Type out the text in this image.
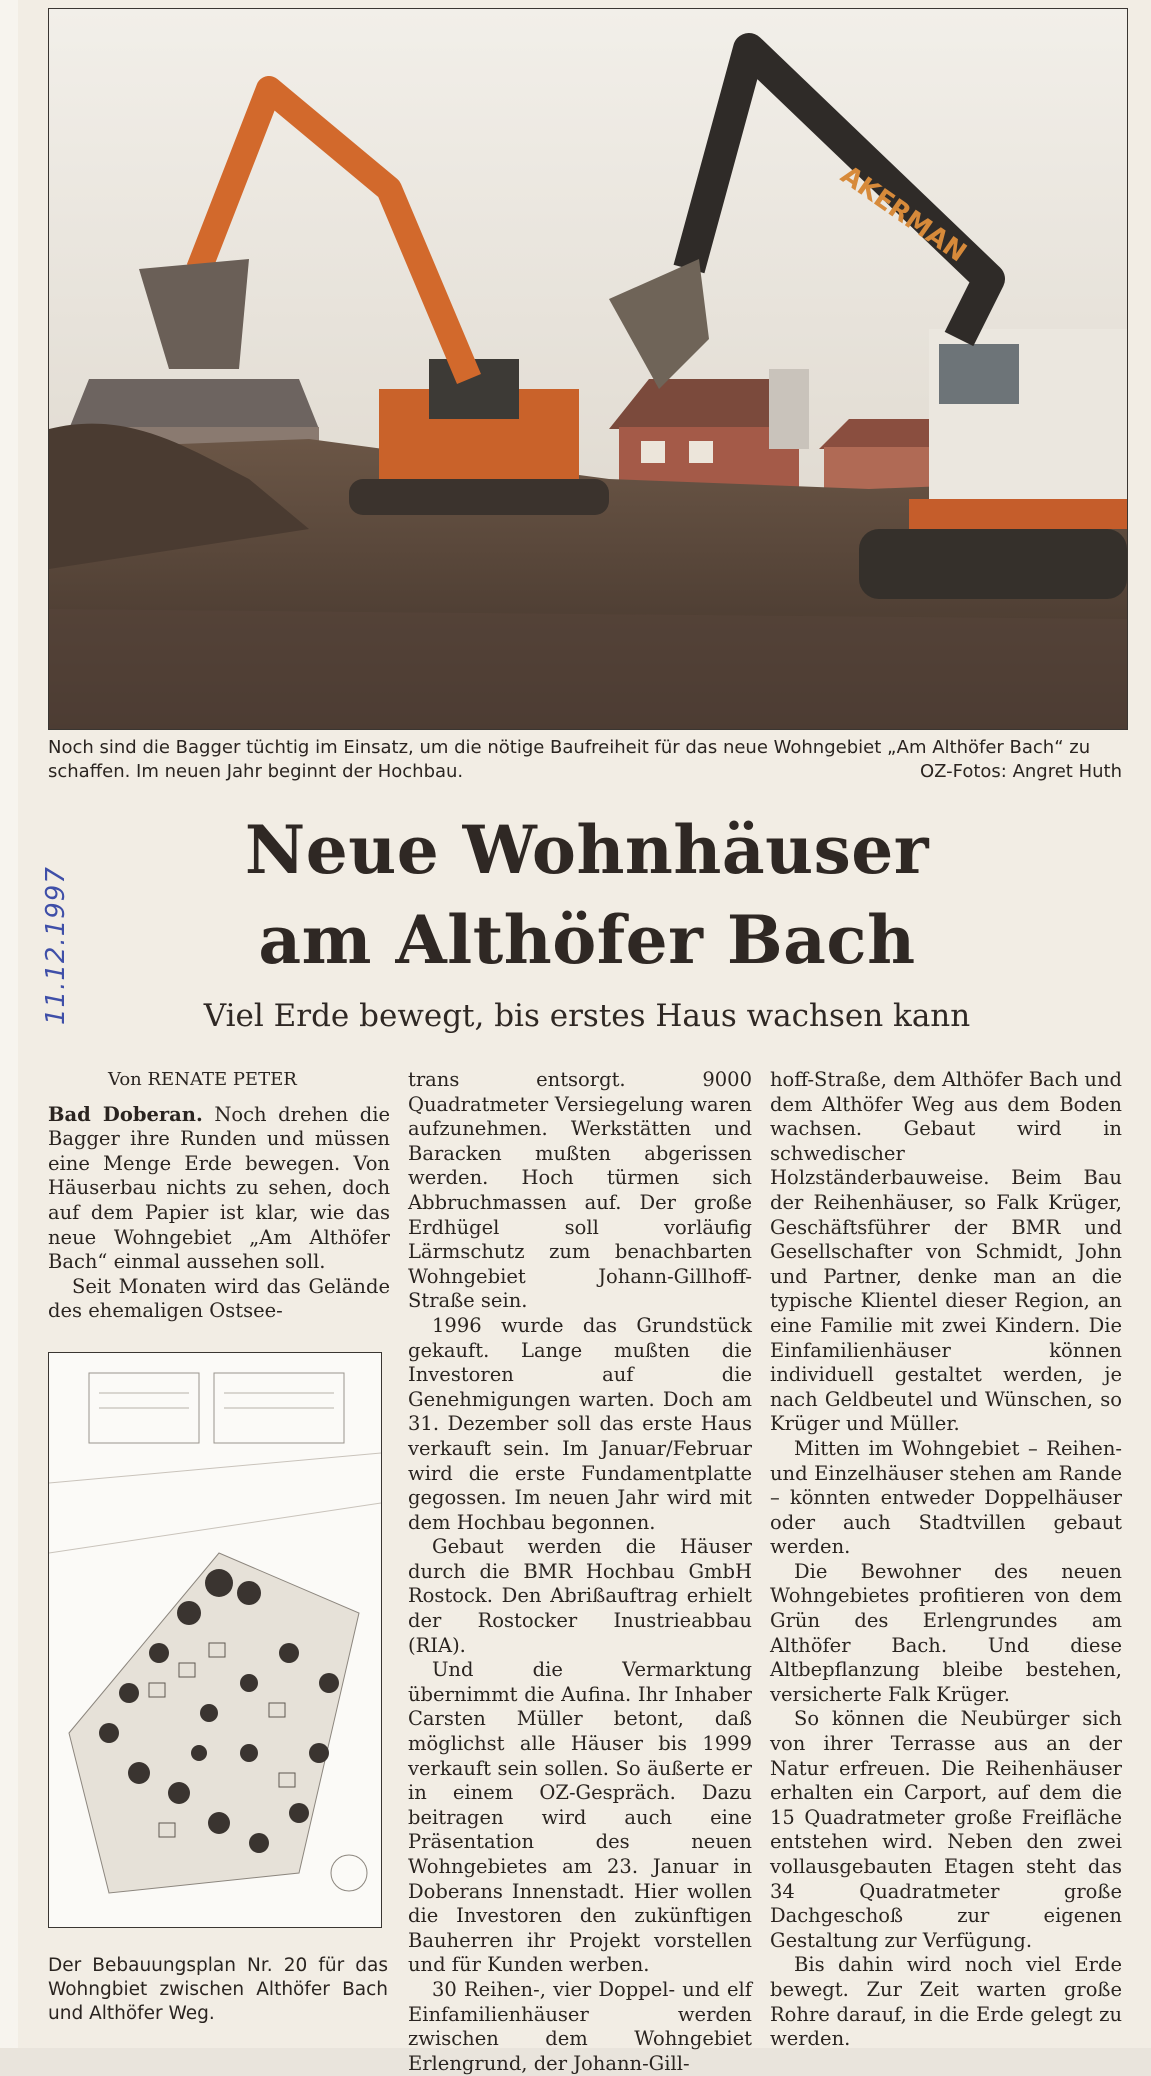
AKERMAN
Noch sind die Bagger tüchtig im Einsatz, um die nötige Baufreiheit für das neue Wohngebiet „Am Althöfer Bach“ zu schaffen. Im neuen Jahr beginnt der Hochbau.	OZ-Fotos: Angret Huth
11.12.1997
Neue Wohnhäuser
am Althöfer Bach
Viel Erde bewegt, bis erstes Haus wachsen kann
Von RENATE PETER

Bad Doberan. Noch drehen die Bagger ihre Runden und müssen eine Menge Erde bewegen. Von Häuserbau nichts zu sehen, doch auf dem Papier ist klar, wie das neue Wohngebiet „Am Althöfer Bach“ einmal aussehen soll.

Seit Monaten wird das Gelände des ehemaligen Ostsee-

Der Bebauungsplan Nr. 20 für das Wohngbiet zwischen Althöfer Bach und Althöfer Weg.

trans entsorgt. 9000 Quadratmeter Versiegelung waren aufzunehmen. Werkstätten und Baracken mußten abgerissen werden. Hoch türmen sich Abbruchmassen auf. Der große Erdhügel soll vorläufig Lärmschutz zum benachbarten Wohngebiet Johann-Gillhoff-Straße sein.

1996 wurde das Grundstück gekauft. Lange mußten die Investoren auf die Genehmigungen warten. Doch am 31. Dezember soll das erste Haus verkauft sein. Im Januar/Februar wird die erste Fundamentplatte gegossen. Im neuen Jahr wird mit dem Hochbau begonnen.

Gebaut werden die Häuser durch die BMR Hochbau GmbH Rostock. Den Abrißauftrag erhielt der Rostocker Inustrieabbau (RIA).

Und die Vermarktung übernimmt die Aufina. Ihr Inhaber Carsten Müller betont, daß möglichst alle Häuser bis 1999 verkauft sein sollen. So äußerte er in einem OZ-Gespräch. Dazu beitragen wird auch eine Präsentation des neuen Wohngebietes am 23. Januar in Doberans Innenstadt. Hier wollen die Investoren den zukünftigen Bauherren ihr Projekt vorstellen und für Kunden werben.

30 Reihen-, vier Doppel- und elf Einfamilienhäuser werden zwischen dem Wohngebiet Erlengrund, der Johann-Gill-

hoff-Straße, dem Althöfer Bach und dem Althöfer Weg aus dem Boden wachsen. Gebaut wird in schwedischer Holzständerbauweise. Beim Bau der Reihenhäuser, so Falk Krüger, Geschäftsführer der BMR und Gesellschafter von Schmidt, John und Partner, denke man an die typische Klientel dieser Region, an eine Familie mit zwei Kindern. Die Einfamilienhäuser können individuell gestaltet werden, je nach Geldbeutel und Wünschen, so Krüger und Müller.

Mitten im Wohngebiet – Reihen- und Einzelhäuser stehen am Rande – könnten entweder Doppelhäuser oder auch Stadtvillen gebaut werden.

Die Bewohner des neuen Wohngebietes profitieren von dem Grün des Erlengrundes am Althöfer Bach. Und diese Altbepflanzung bleibe bestehen, versicherte Falk Krüger.

So können die Neubürger sich von ihrer Terrasse aus an der Natur erfreuen. Die Reihenhäuser erhalten ein Carport, auf dem die 15 Quadratmeter große Freifläche entstehen wird. Neben den zwei vollausgebauten Etagen steht das 34 Quadratmeter große Dachgeschoß zur eigenen Gestaltung zur Verfügung.

Bis dahin wird noch viel Erde bewegt. Zur Zeit warten große Rohre darauf, in die Erde gelegt zu werden.
